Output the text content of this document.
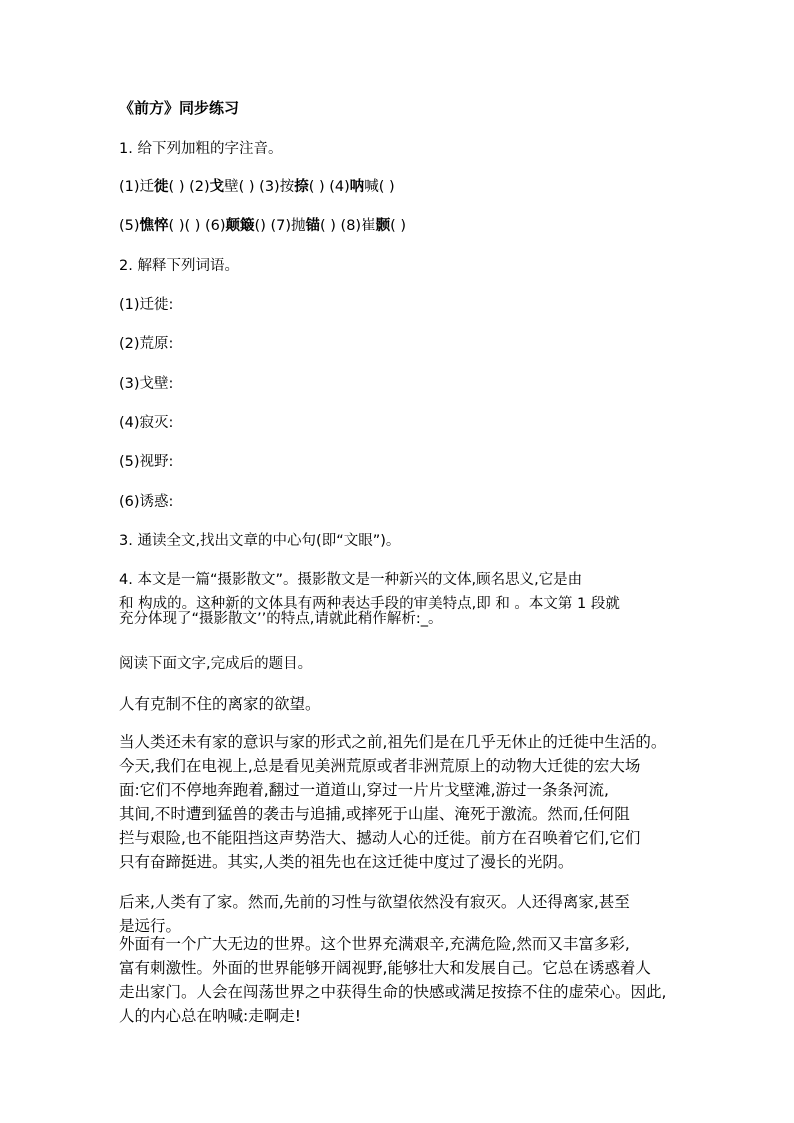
《前方》同步练习
1. 给下列加粗的字注音。
(1)迁徙( ) (2)戈壁( ) (3)按捺( ) (4)呐喊( )
(5)憔悴( )( ) (6)颠簸() (7)抛锚( ) (8)崔颢( )
2. 解释下列词语。
(1)迁徙:
(2)荒原:
(3)戈壁:
(4)寂灭:
(5)视野:
(6)诱惑:
3. 通读全文,找出文章的中心句(即“文眼”)。
4. 本文是一篇“摄影散文”。摄影散文是一种新兴的文体,顾名思义,它是由
和 构成的。这种新的文体具有两种表达手段的审美特点,即 和 。本文第 1 段就
充分体现了“摄影散文’’的特点,请就此稍作解析:_。
阅读下面文字,完成后的题目。
人有克制不住的离家的欲望。
当人类还未有家的意识与家的形式之前,祖先们是在几乎无休止的迁徙中生活的。
今天,我们在电视上,总是看见美洲荒原或者非洲荒原上的动物大迁徙的宏大场
面:它们不停地奔跑着,翻过一道道山,穿过一片片戈壁滩,游过一条条河流,
其间,不时遭到猛兽的袭击与追捕,或摔死于山崖、淹死于激流。然而,任何阻
拦与艰险,也不能阻挡这声势浩大、撼动人心的迁徙。前方在召唤着它们,它们
只有奋蹄挺进。其实,人类的祖先也在这迁徙中度过了漫长的光阴。
后来,人类有了家。然而,先前的习性与欲望依然没有寂灭。人还得离家,甚至
是远行。
外面有一个广大无边的世界。这个世界充满艰辛,充满危险,然而又丰富多彩,
富有刺激性。外面的世界能够开阔视野,能够壮大和发展自己。它总在诱惑着人
走出家门。人会在闯荡世界之中获得生命的快感或满足按捺不住的虚荣心。因此,
人的内心总在呐喊:走啊走!
